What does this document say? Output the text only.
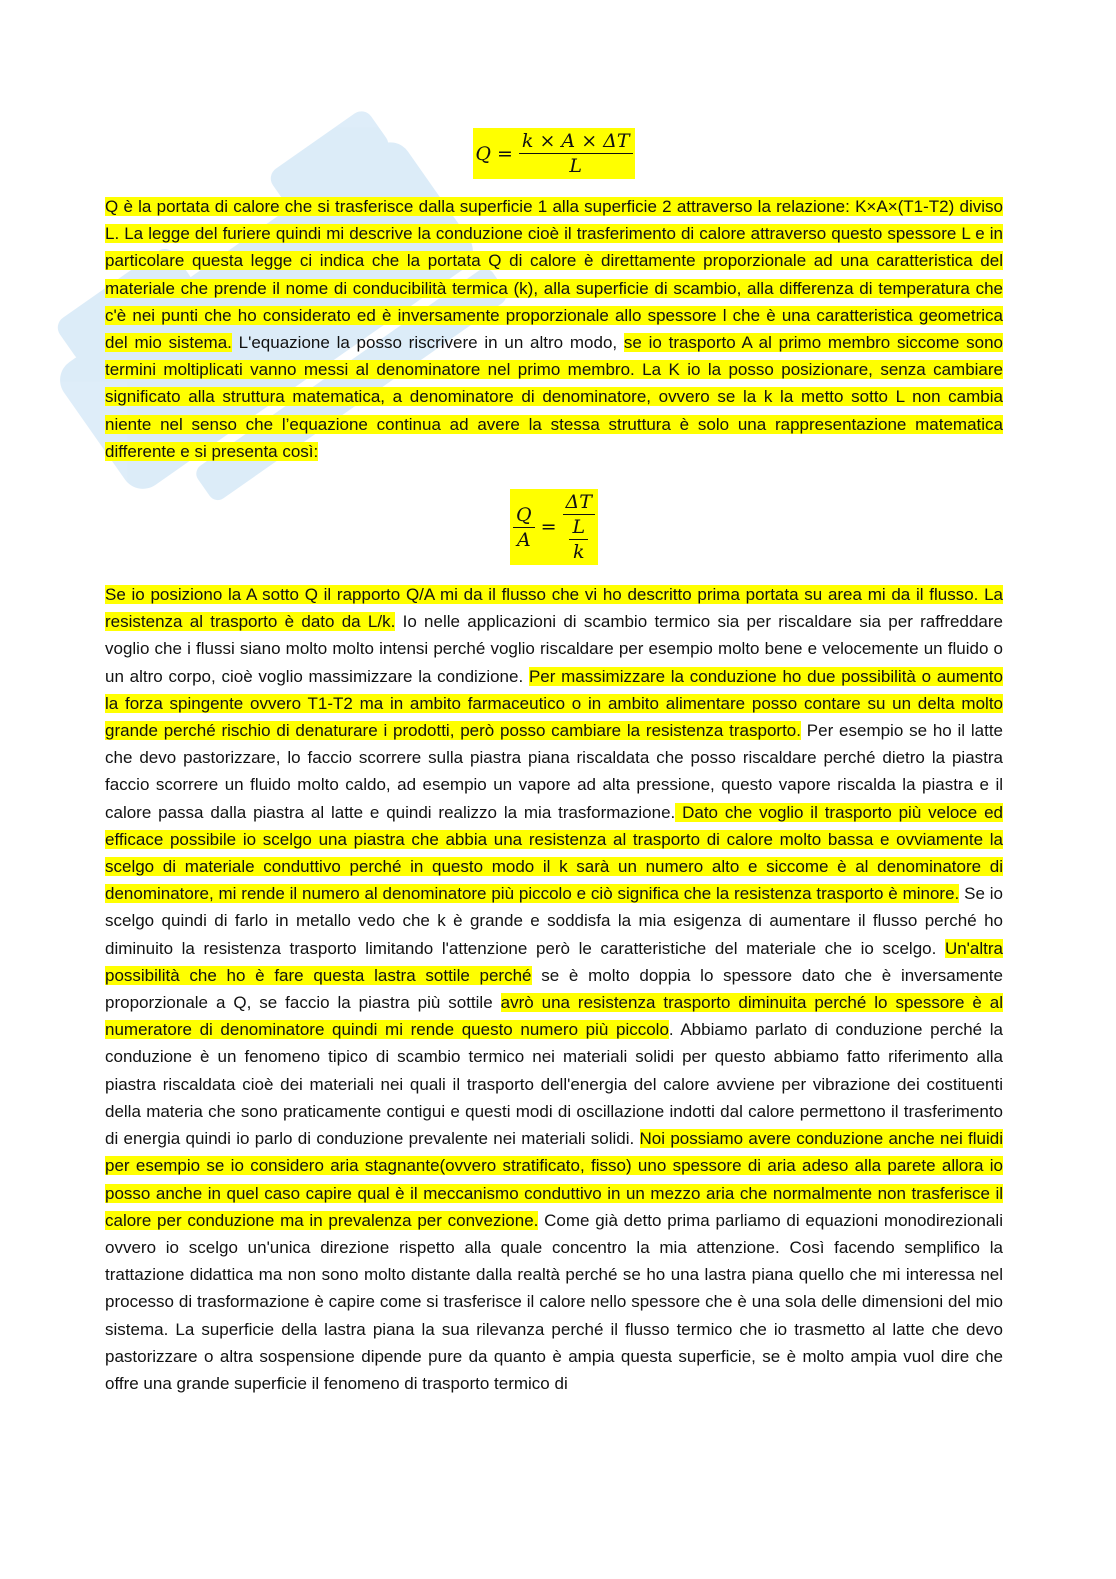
$Q = \frac{k \times A \times \Delta T}{L}$

Q è la portata di calore che si trasferisce dalla superficie 1 alla superficie 2 attraverso la relazione: K×A×(T1-T2) diviso L. La legge del furiere quindi mi descrive la conduzione cioè il trasferimento di calore attraverso questo spessore L e in particolare questa legge ci indica che la portata Q di calore è direttamente proporzionale ad una caratteristica del materiale che prende il nome di conducibilità termica (k), alla superficie di scambio, alla differenza di temperatura che c'è nei punti che ho considerato ed è inversamente proporzionale allo spessore l che è una caratteristica geometrica del mio sistema. L'equazione la posso riscrivere in un altro modo, se io trasporto A al primo membro siccome sono termini moltiplicati vanno messi al denominatore nel primo membro. La K io la posso posizionare, senza cambiare significato alla struttura matematica, a denominatore di denominatore, ovvero se la k la metto sotto L non cambia niente nel senso che l’equazione continua ad avere la stessa struttura è solo una rappresentazione matematica differente e si presenta così:

$\frac{Q}{A} = \frac{\Delta T}{\frac{L}{k}}$

Se io posiziono la A sotto Q il rapporto Q/A mi da il flusso che vi ho descritto prima portata su area mi da il flusso. La resistenza al trasporto è dato da L/k. Io nelle applicazioni di scambio termico sia per riscaldare sia per raffreddare voglio che i flussi siano molto molto intensi perché voglio riscaldare per esempio molto bene e velocemente un fluido o un altro corpo, cioè voglio massimizzare la condizione. Per massimizzare la conduzione ho due possibilità o aumento la forza spingente ovvero T1-T2 ma in ambito farmaceutico o in ambito alimentare posso contare su un delta molto grande perché rischio di denaturare i prodotti, però posso cambiare la resistenza trasporto. Per esempio se ho il latte che devo pastorizzare, lo faccio scorrere sulla piastra piana riscaldata che posso riscaldare perché dietro la piastra faccio scorrere un fluido molto caldo, ad esempio un vapore ad alta pressione, questo vapore riscalda la piastra e il calore passa dalla piastra al latte e quindi realizzo la mia trasformazione. Dato che voglio il trasporto più veloce ed efficace possibile io scelgo una piastra che abbia una resistenza al trasporto di calore molto bassa e ovviamente la scelgo di materiale conduttivo perché in questo modo il k sarà un numero alto e siccome è al denominatore di denominatore, mi rende il numero al denominatore più piccolo e ciò significa che la resistenza trasporto è minore. Se io scelgo quindi di farlo in metallo vedo che k è grande e soddisfa la mia esigenza di aumentare il flusso perché ho diminuito la resistenza trasporto limitando l'attenzione però le caratteristiche del materiale che io scelgo. Un'altra possibilità che ho è fare questa lastra sottile perché se è molto doppia lo spessore dato che è inversamente proporzionale a Q, se faccio la piastra più sottile avrò una resistenza trasporto diminuita perché lo spessore è al numeratore di denominatore quindi mi rende questo numero più piccolo. Abbiamo parlato di conduzione perché la conduzione è un fenomeno tipico di scambio termico nei materiali solidi per questo abbiamo fatto riferimento alla piastra riscaldata cioè dei materiali nei quali il trasporto dell'energia del calore avviene per vibrazione dei costituenti della materia che sono praticamente contigui e questi modi di oscillazione indotti dal calore permettono il trasferimento di energia quindi io parlo di conduzione prevalente nei materiali solidi. Noi possiamo avere conduzione anche nei fluidi per esempio se io considero aria stagnante(ovvero stratificato, fisso) uno spessore di aria adeso alla parete allora io posso anche in quel caso capire qual è il meccanismo conduttivo in un mezzo aria che normalmente non trasferisce il calore per conduzione ma in prevalenza per convezione. Come già detto prima parliamo di equazioni monodirezionali ovvero io scelgo un'unica direzione rispetto alla quale concentro la mia attenzione. Così facendo semplifico la trattazione didattica ma non sono molto distante dalla realtà perché se ho una lastra piana quello che mi interessa nel processo di trasformazione è capire come si trasferisce il calore nello spessore che è una sola delle dimensioni del mio sistema. La superficie della lastra piana la sua rilevanza perché il flusso termico che io trasmetto al latte che devo pastorizzare o altra sospensione dipende pure da quanto è ampia questa superficie, se è molto ampia vuol dire che offre una grande superficie il fenomeno di trasporto termico di
